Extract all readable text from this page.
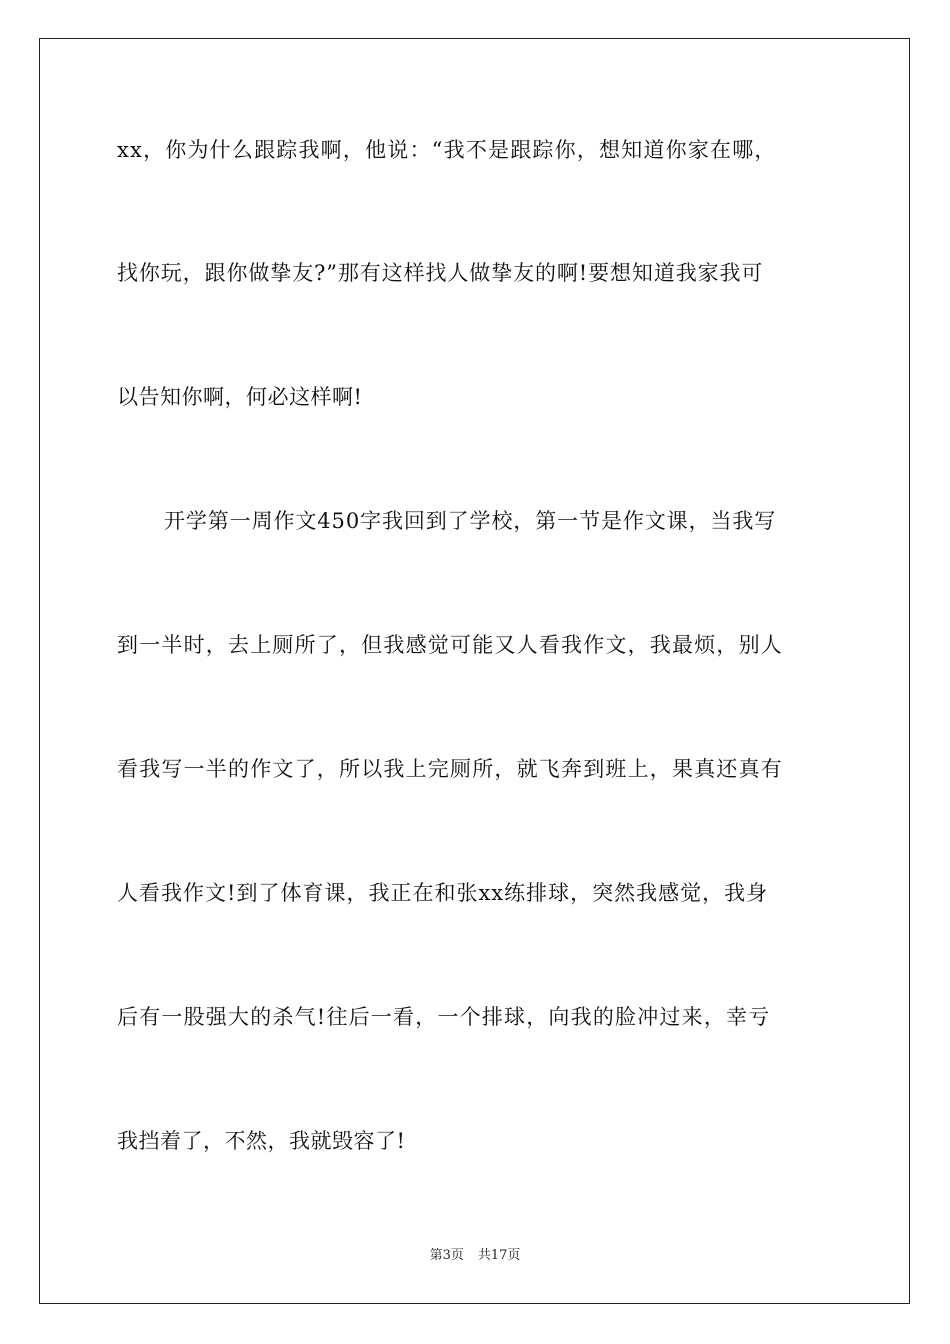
xx，你为什么跟踪我啊，他说：“我不是跟踪你，想知道你家在哪，
找你玩，跟你做挚友?”那有这样找人做挚友的啊!要想知道我家我可
以告知你啊，何必这样啊!
开学第一周作文450字我回到了学校，第一节是作文课，当我写
到一半时，去上厕所了，但我感觉可能又人看我作文，我最烦，别人
看我写一半的作文了，所以我上完厕所，就飞奔到班上，果真还真有
人看我作文!到了体育课，我正在和张xx练排球，突然我感觉，我身
后有一股强大的杀气!往后一看，一个排球，向我的脸冲过来，幸亏
我挡着了，不然，我就毁容了!
第3页 共17页
